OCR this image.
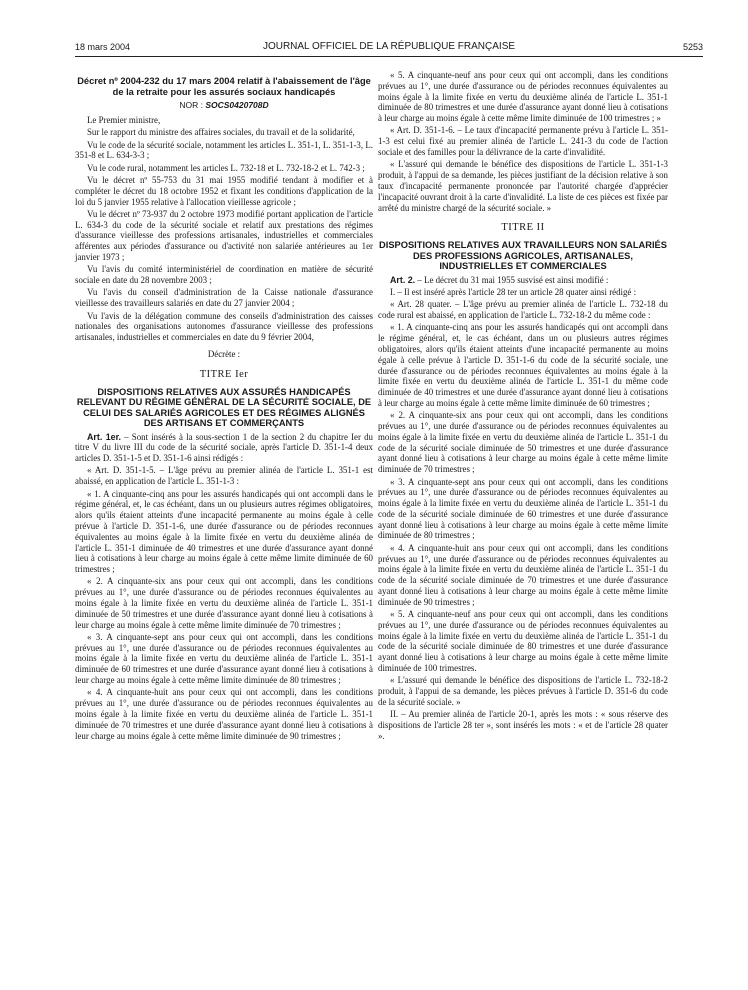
18 mars 2004	JOURNAL OFFICIEL DE LA RÉPUBLIQUE FRANÇAISE	5253
Décret nº 2004-232 du 17 mars 2004 relatif à l'abaissement de l'âge de la retraite pour les assurés sociaux handicapés
NOR : SOCS0420708D

Le Premier ministre,

Sur le rapport du ministre des affaires sociales, du travail et de la solidarité,

Vu le code de la sécurité sociale, notamment les articles L. 351-1, L. 351-1-3, L. 351-8 et L. 634-3-3 ;

Vu le code rural, notamment les articles L. 732-18 et L. 732-18-2 et L. 742-3 ;

Vu le décret nº 55-753 du 31 mai 1955 modifié tendant à modifier et à compléter le décret du 18 octobre 1952 et fixant les conditions d'application de la loi du 5 janvier 1955 relative à l'allocation vieillesse agricole ;

Vu le décret nº 73-937 du 2 octobre 1973 modifié portant application de l'article L. 634-3 du code de la sécurité sociale et relatif aux prestations des régimes d'assurance vieillesse des professions artisanales, industrielles et commerciales afférentes aux périodes d'assurance ou d'activité non salariée antérieures au 1er janvier 1973 ;

Vu l'avis du comité interministériel de coordination en matière de sécurité sociale en date du 28 novembre 2003 ;

Vu l'avis du conseil d'administration de la Caisse nationale d'assurance vieillesse des travailleurs salariés en date du 27 janvier 2004 ;

Vu l'avis de la délégation commune des conseils d'administration des caisses nationales des organisations autonomes d'assurance vieillesse des professions artisanales, industrielles et commerciales en date du 9 février 2004,

Décrète :

TITRE Ier

DISPOSITIONS RELATIVES AUX ASSURÉS HANDICAPÉS RELEVANT DU RÉGIME GÉNÉRAL DE LA SÉCURITÉ SOCIALE, DE CELUI DES SALARIÉS AGRICOLES ET DES RÉGIMES ALIGNÉS DES ARTISANS ET COMMERÇANTS

Art. 1er. – Sont insérés à la sous-section 1 de la section 2 du chapitre Ier du titre V du livre III du code de la sécurité sociale, après l'article D. 351-1-4 deux articles D. 351-1-5 et D. 351-1-6 ainsi rédigés :

« Art. D. 351-1-5. – L'âge prévu au premier alinéa de l'article L. 351-1 est abaissé, en application de l'article L. 351-1-3 :

« 1. A cinquante-cinq ans pour les assurés handicapés qui ont accompli dans le régime général, et, le cas échéant, dans un ou plusieurs autres régimes obligatoires, alors qu'ils étaient atteints d'une incapacité permanente au moins égale à celle prévue à l'article D. 351-1-6, une durée d'assurance ou de périodes reconnues équivalentes au moins égale à la limite fixée en vertu du deuxième alinéa de l'article L. 351-1 diminuée de 40 trimestres et une durée d'assurance ayant donné lieu à cotisations à leur charge au moins égale à cette même limite diminuée de 60 trimestres ;

« 2. A cinquante-six ans pour ceux qui ont accompli, dans les conditions prévues au 1°, une durée d'assurance ou de périodes reconnues équivalentes au moins égale à la limite fixée en vertu du deuxième alinéa de l'article L. 351-1 diminuée de 50 trimestres et une durée d'assurance ayant donné lieu à cotisations à leur charge au moins égale à cette même limite diminuée de 70 trimestres ;

« 3. A cinquante-sept ans pour ceux qui ont accompli, dans les conditions prévues au 1°, une durée d'assurance ou de périodes reconnues équivalentes au moins égale à la limite fixée en vertu du deuxième alinéa de l'article L. 351-1 diminuée de 60 trimestres et une durée d'assurance ayant donné lieu à cotisations à leur charge au moins égale à cette même limite diminuée de 80 trimestres ;

« 4. A cinquante-huit ans pour ceux qui ont accompli, dans les conditions prévues au 1°, une durée d'assurance ou de périodes reconnues équivalentes au moins égale à la limite fixée en vertu du deuxième alinéa de l'article L. 351-1 diminuée de 70 trimestres et une durée d'assurance ayant donné lieu à cotisations à leur charge au moins égale à cette même limite diminuée de 90 trimestres ;

« 5. A cinquante-neuf ans pour ceux qui ont accompli, dans les conditions prévues au 1°, une durée d'assurance ou de périodes reconnues équivalentes au moins égale à la limite fixée en vertu du deuxième alinéa de l'article L. 351-1 diminuée de 80 trimestres et une durée d'assurance ayant donné lieu à cotisations à leur charge au moins égale à cette même limite diminuée de 100 trimestres ; »

« Art. D. 351-1-6. – Le taux d'incapacité permanente prévu à l'article L. 351-1-3 est celui fixé au premier alinéa de l'article L. 241-3 du code de l'action sociale et des familles pour la délivrance de la carte d'invalidité.

« L'assuré qui demande le bénéfice des dispositions de l'article L. 351-1-3 produit, à l'appui de sa demande, les pièces justifiant de la décision relative à son taux d'incapacité permanente prononcée par l'autorité chargée d'apprécier l'incapacité ouvrant droit à la carte d'invalidité. La liste de ces pièces est fixée par arrêté du ministre chargé de la sécurité sociale. »

TITRE II

DISPOSITIONS RELATIVES AUX TRAVAILLEURS NON SALARIÉS DES PROFESSIONS AGRICOLES, ARTISANALES, INDUSTRIELLES ET COMMERCIALES

Art. 2. – Le décret du 31 mai 1955 susvisé est ainsi modifié :

I. – Il est inséré après l'article 28 ter un article 28 quater ainsi rédigé :

« Art. 28 quater. – L'âge prévu au premier alinéa de l'article L. 732-18 du code rural est abaissé, en application de l'article L. 732-18-2 du même code :

« 1. A cinquante-cinq ans pour les assurés handicapés qui ont accompli dans le régime général, et, le cas échéant, dans un ou plusieurs autres régimes obligatoires, alors qu'ils étaient atteints d'une incapacité permanente au moins égale à celle prévue à l'article D. 351-1-6 du code de la sécurité sociale, une durée d'assurance ou de périodes reconnues équivalentes au moins égale à la limite fixée en vertu du deuxième alinéa de l'article L. 351-1 du même code diminuée de 40 trimestres et une durée d'assurance ayant donné lieu à cotisations à leur charge au moins égale à cette même limite diminuée de 60 trimestres ;

« 2. A cinquante-six ans pour ceux qui ont accompli, dans les conditions prévues au 1°, une durée d'assurance ou de périodes reconnues équivalentes au moins égale à la limite fixée en vertu du deuxième alinéa de l'article L. 351-1 du code de la sécurité sociale diminuée de 50 trimestres et une durée d'assurance ayant donné lieu à cotisations à leur charge au moins égale à cette même limite diminuée de 70 trimestres ;

« 3. A cinquante-sept ans pour ceux qui ont accompli, dans les conditions prévues au 1°, une durée d'assurance ou de périodes reconnues équivalentes au moins égale à la limite fixée en vertu du deuxième alinéa de l'article L. 351-1 du code de la sécurité sociale diminuée de 60 trimestres et une durée d'assurance ayant donné lieu à cotisations à leur charge au moins égale à cette même limite diminuée de 80 trimestres ;

« 4. A cinquante-huit ans pour ceux qui ont accompli, dans les conditions prévues au 1°, une durée d'assurance ou de périodes reconnues équivalentes au moins égale à la limite fixée en vertu du deuxième alinéa de l'article L. 351-1 du code de la sécurité sociale diminuée de 70 trimestres et une durée d'assurance ayant donné lieu à cotisations à leur charge au moins égale à cette même limite diminuée de 90 trimestres ;

« 5. A cinquante-neuf ans pour ceux qui ont accompli, dans les conditions prévues au 1°, une durée d'assurance ou de périodes reconnues équivalentes au moins égale à la limite fixée en vertu du deuxième alinéa de l'article L. 351-1 du code de la sécurité sociale diminuée de 80 trimestres et une durée d'assurance ayant donné lieu à cotisations à leur charge au moins égale à cette même limite diminuée de 100 trimestres.

« L'assuré qui demande le bénéfice des dispositions de l'article L. 732-18-2 produit, à l'appui de sa demande, les pièces prévues à l'article D. 351-6 du code de la sécurité sociale. »

II. – Au premier alinéa de l'article 20-1, après les mots : « sous réserve des dispositions de l'article 28 ter », sont insérés les mots : « et de l'article 28 quater ».
